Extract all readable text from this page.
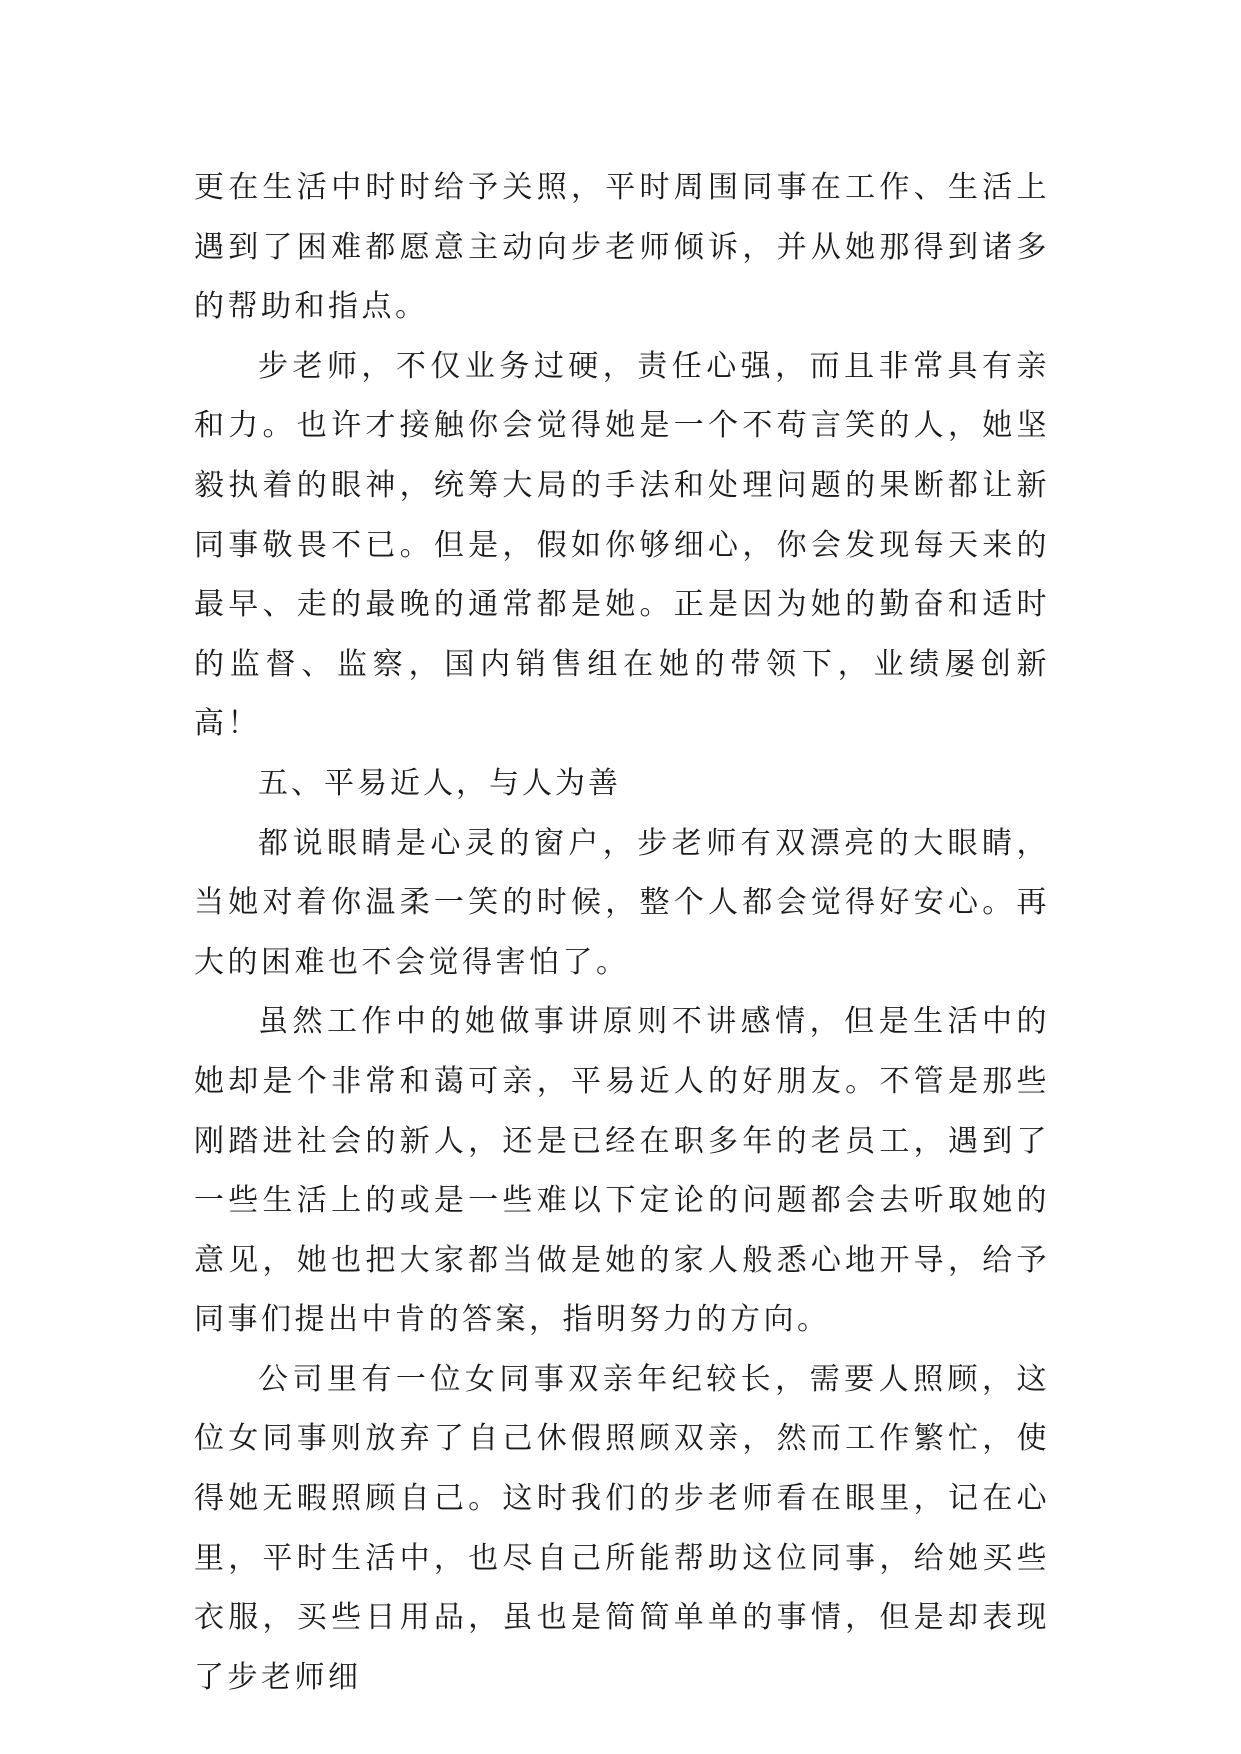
更在生活中时时给予关照，平时周围同事在工作、生活上遇到了困难都愿意主动向步老师倾诉，并从她那得到诸多的帮助和指点。

步老师，不仅业务过硬，责任心强，而且非常具有亲和力。也许才接触你会觉得她是一个不苟言笑的人，她坚毅执着的眼神，统筹大局的手法和处理问题的果断都让新同事敬畏不已。但是，假如你够细心，你会发现每天来的最早、走的最晚的通常都是她。正是因为她的勤奋和适时的监督、监察，国内销售组在她的带领下，业绩屡创新高！

五、平易近人，与人为善

都说眼睛是心灵的窗户，步老师有双漂亮的大眼睛，当她对着你温柔一笑的时候，整个人都会觉得好安心。再大的困难也不会觉得害怕了。

虽然工作中的她做事讲原则不讲感情，但是生活中的她却是个非常和蔼可亲，平易近人的好朋友。不管是那些刚踏进社会的新人，还是已经在职多年的老员工，遇到了一些生活上的或是一些难以下定论的问题都会去听取她的意见，她也把大家都当做是她的家人般悉心地开导，给予同事们提出中肯的答案，指明努力的方向。

公司里有一位女同事双亲年纪较长，需要人照顾，这位女同事则放弃了自己休假照顾双亲，然而工作繁忙，使得她无暇照顾自己。这时我们的步老师看在眼里，记在心里，平时生活中，也尽自己所能帮助这位同事，给她买些衣服，买些日用品，虽也是简简单单的事情，但是却表现了步老师细
